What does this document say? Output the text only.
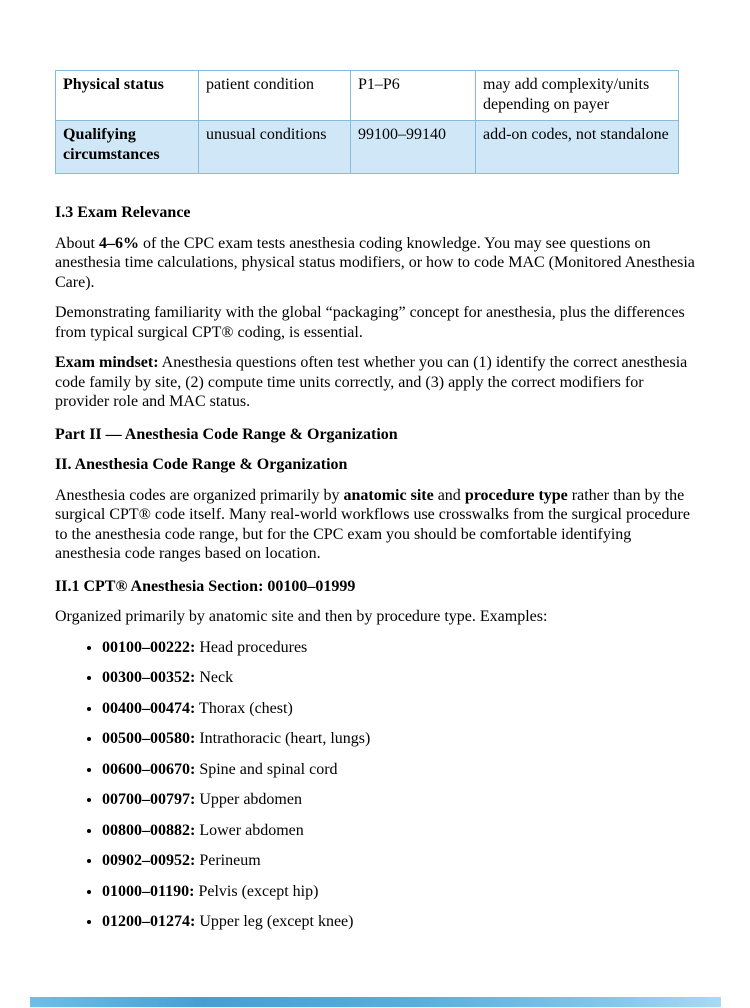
Physical status	patient condition	P1–P6	may add complexity/units depending on payer
Qualifying circumstances	unusual conditions	99100–99140	add-on codes, not standalone

I.3 Exam Relevance

About 4–6% of the CPC exam tests anesthesia coding knowledge. You may see questions on anesthesia time calculations, physical status modifiers, or how to code MAC (Monitored Anesthesia Care).

Demonstrating familiarity with the global “packaging” concept for anesthesia, plus the differences from typical surgical CPT® coding, is essential.

Exam mindset: Anesthesia questions often test whether you can (1) identify the correct anesthesia code family by site, (2) compute time units correctly, and (3) apply the correct modifiers for provider role and MAC status.

Part II — Anesthesia Code Range & Organization

II. Anesthesia Code Range & Organization

Anesthesia codes are organized primarily by anatomic site and procedure type rather than by the surgical CPT® code itself. Many real-world workflows use crosswalks from the surgical procedure to the anesthesia code range, but for the CPC exam you should be comfortable identifying anesthesia code ranges based on location.

II.1 CPT® Anesthesia Section: 00100–01999

Organized primarily by anatomic site and then by procedure type. Examples:

• 00100–00222: Head procedures
• 00300–00352: Neck
• 00400–00474: Thorax (chest)
• 00500–00580: Intrathoracic (heart, lungs)
• 00600–00670: Spine and spinal cord
• 00700–00797: Upper abdomen
• 00800–00882: Lower abdomen
• 00902–00952: Perineum
• 01000–01190: Pelvis (except hip)
• 01200–01274: Upper leg (except knee)
